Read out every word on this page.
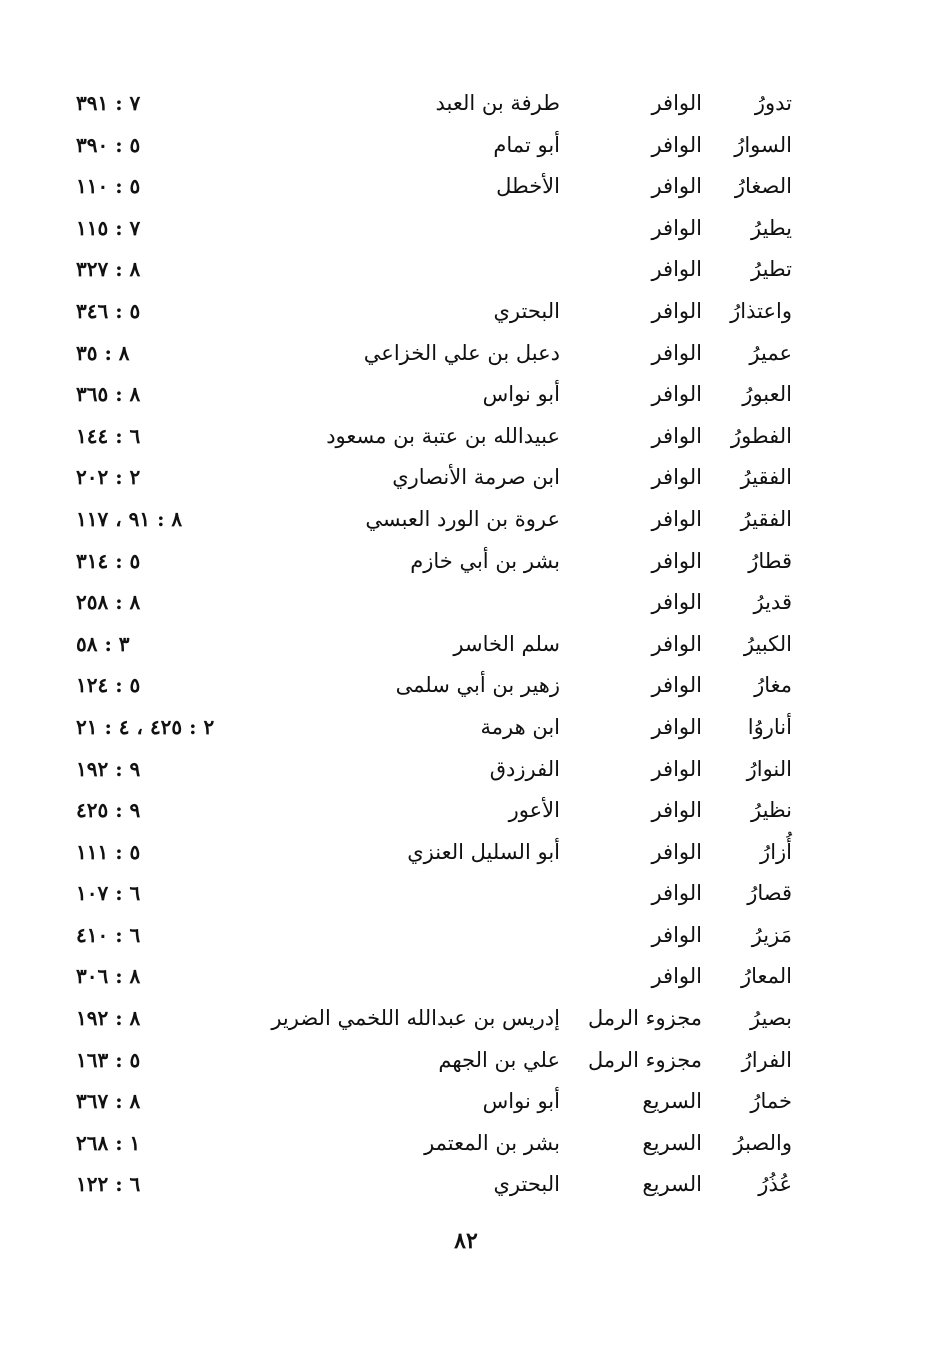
تدورُ
الوافر
طرفة بن العبد
٧ : ٣٩١
السوارُ
الوافر
أبو تمام
٥ : ٣٩٠
الصغارُ
الوافر
الأخطل
٥ : ١١٠
يطيرُ
الوافر
٧ : ١١٥
تطيرُ
الوافر
٨ : ٣٢٧
واعتذارُ
الوافر
البحتري
٥ : ٣٤٦
عميرُ
الوافر
دعبل بن علي الخزاعي
٨ : ٣٥
العبورُ
الوافر
أبو نواس
٨ : ٣٦٥
الفطورُ
الوافر
عبيدالله بن عتبة بن مسعود
٦ : ١٤٤
الفقيرُ
الوافر
ابن صرمة الأنصاري
٢ : ٢٠٢
الفقيرُ
الوافر
عروة بن الورد العبسي
٨ : ٩١ ، ١١٧
قطارُ
الوافر
بشر بن أبي خازم
٥ : ٣١٤
قديرُ
الوافر
٨ : ٢٥٨
الكبيرُ
الوافر
سلم الخاسر
٣ : ٥٨
مغارُ
الوافر
زهير بن أبي سلمى
٥ : ١٢٤
أناروُا
الوافر
ابن هرمة
٢ : ٤٢٥ ، ٤ : ٢١
النوارُ
الوافر
الفرزدق
٩ : ١٩٢
نظيرُ
الوافر
الأعور
٩ : ٤٢٥
أُزارُ
الوافر
أبو السليل العنزي
٥ : ١١١
قصارُ
الوافر
٦ : ١٠٧
مَزيرُ
الوافر
٦ : ٤١٠
المعارُ
الوافر
٨ : ٣٠٦
بصيرُ
مجزوء الرمل
إدريس بن عبدالله اللخمي الضرير
٨ : ١٩٢
الفرارُ
مجزوء الرمل
علي بن الجهم
٥ : ١٦٣
خمارُ
السريع
أبو نواس
٨ : ٣٦٧
والصبرُ
السريع
بشر بن المعتمر
١ : ٢٦٨
عُذُرُ
السريع
البحتري
٦ : ١٢٢
٨٢
